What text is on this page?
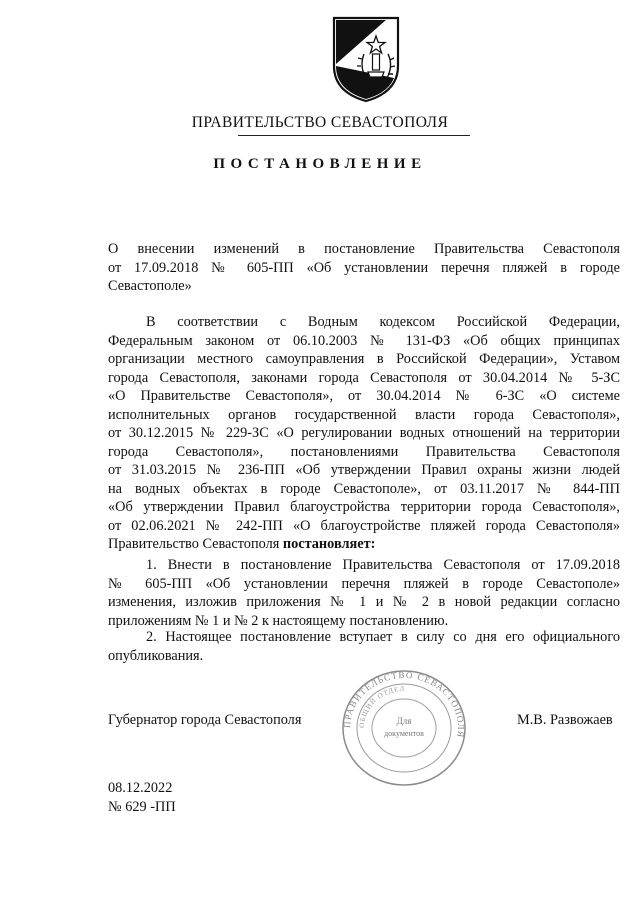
ПРАВИТЕЛЬСТВО СЕВАСТОПОЛЯ
ПОСТАНОВЛЕНИЕ
О внесении изменений в постановление Правительства Севастополя
от 17.09.2018 № 605-ПП «Об установлении перечня пляжей в городе
Севастополе»
В соответствии с Водным кодексом Российской Федерации,
Федеральным законом от 06.10.2003 № 131-ФЗ «Об общих принципах
организации местного самоуправления в Российской Федерации», Уставом
города Севастополя, законами города Севастополя от 30.04.2014 № 5-ЗС
«О Правительстве Севастополя», от 30.04.2014 № 6-ЗС «О системе
исполнительных органов государственной власти города Севастополя»,
от 30.12.2015 № 229-ЗС «О регулировании водных отношений на территории
города Севастополя», постановлениями Правительства Севастополя
от 31.03.2015 № 236-ПП «Об утверждении Правил охраны жизни людей
на водных объектах в городе Севастополе», от 03.11.2017 № 844-ПП
«Об утверждении Правил благоустройства территории города Севастополя»,
от 02.06.2021 № 242-ПП «О благоустройстве пляжей города Севастополя»
Правительство Севастополя постановляет:
1. Внести в постановление Правительства Севастополя от 17.09.2018
№ 605-ПП «Об установлении перечня пляжей в городе Севастополе»
изменения, изложив приложения № 1 и № 2 в новой редакции согласно
приложениям № 1 и № 2 к настоящему постановлению.
2. Настоящее постановление вступает в силу со дня его официального
опубликования.
ПРАВИТЕЛЬСТВО СЕВАСТОПОЛЯ
ОБЩИЙ ОТДЕЛ
Для
документов
Губернатор города Севастополя	М.В. Развожаев
08.12.2022
№ 629 -ПП
